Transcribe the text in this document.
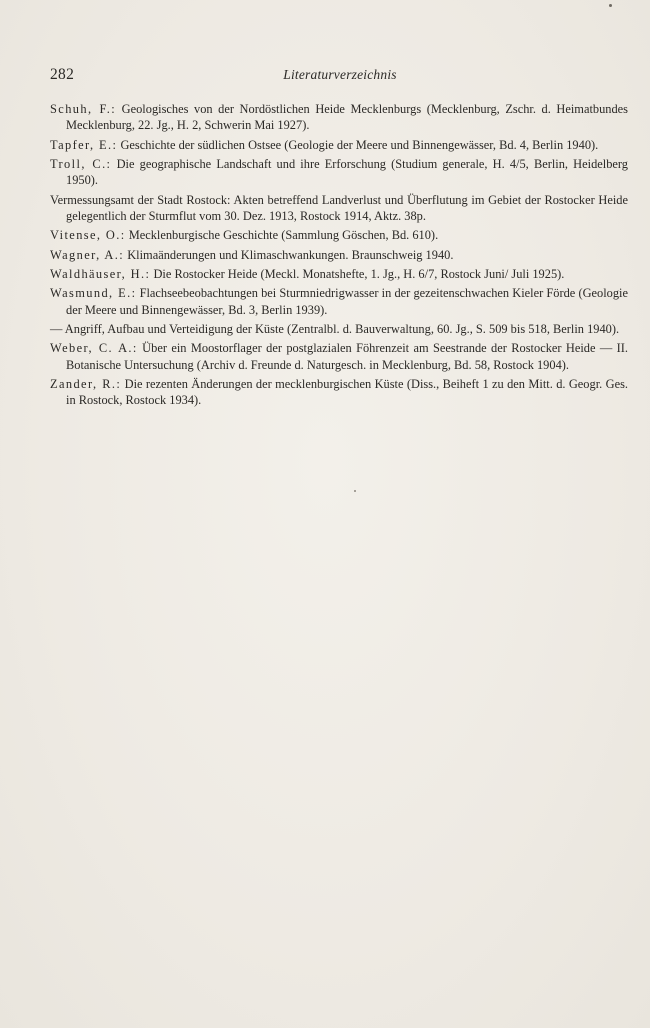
282	Literaturverzeichnis

Schuh, F.: Geologisches von der Nordöstlichen Heide Mecklenburgs (Mecklenburg, Zschr. d. Heimatbundes Mecklenburg, 22. Jg., H. 2, Schwerin Mai 1927).

Tapfer, E.: Geschichte der südlichen Ostsee (Geologie der Meere und Binnengewässer, Bd. 4, Berlin 1940).

Troll, C.: Die geographische Landschaft und ihre Erforschung (Studium generale, H. 4/5, Berlin, Heidelberg 1950).

Vermessungsamt der Stadt Rostock: Akten betreffend Landverlust und Überflutung im Gebiet der Rostocker Heide gelegentlich der Sturmflut vom 30. Dez. 1913, Rostock 1914, Aktz. 38p.

Vitense, O.: Mecklenburgische Geschichte (Sammlung Göschen, Bd. 610).

Wagner, A.: Klimaänderungen und Klimaschwankungen. Braunschweig 1940.

Waldhäuser, H.: Die Rostocker Heide (Meckl. Monatshefte, 1. Jg., H. 6/7, Rostock Juni/ Juli 1925).

Wasmund, E.: Flachseebeobachtungen bei Sturmniedrigwasser in der gezeitenschwachen Kieler Förde (Geologie der Meere und Binnengewässer, Bd. 3, Berlin 1939).

— Angriff, Aufbau und Verteidigung der Küste (Zentralbl. d. Bauverwaltung, 60. Jg., S. 509 bis 518, Berlin 1940).

Weber, C. A.: Über ein Moostorflager der postglazialen Föhrenzeit am Seestrande der Rostocker Heide — II. Botanische Untersuchung (Archiv d. Freunde d. Naturgesch. in Mecklenburg, Bd. 58, Rostock 1904).

Zander, R.: Die rezenten Änderungen der mecklenburgischen Küste (Diss., Beiheft 1 zu den Mitt. d. Geogr. Ges. in Rostock, Rostock 1934).
